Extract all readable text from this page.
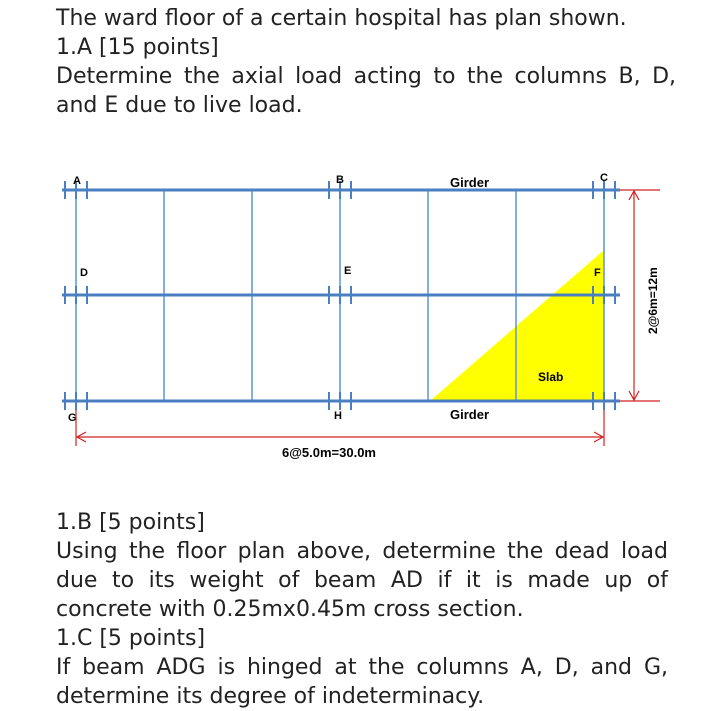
The ward floor of a certain hospital has plan shown.

1.A [15 points]

Determine the axial load acting to the columns B, D, and E due to live load.

A	B	C
D	E	F
G	H
Girder
Girder
Slab
6@5.0m=30.0m
2@6m=12m

1.B [5 points]

Using the floor plan above, determine the dead load due to its weight of beam AD if it is made up of concrete with 0.25mx0.45m cross section.

1.C [5 points]

If beam ADG is hinged at the columns A, D, and G, determine its degree of indeterminacy.
